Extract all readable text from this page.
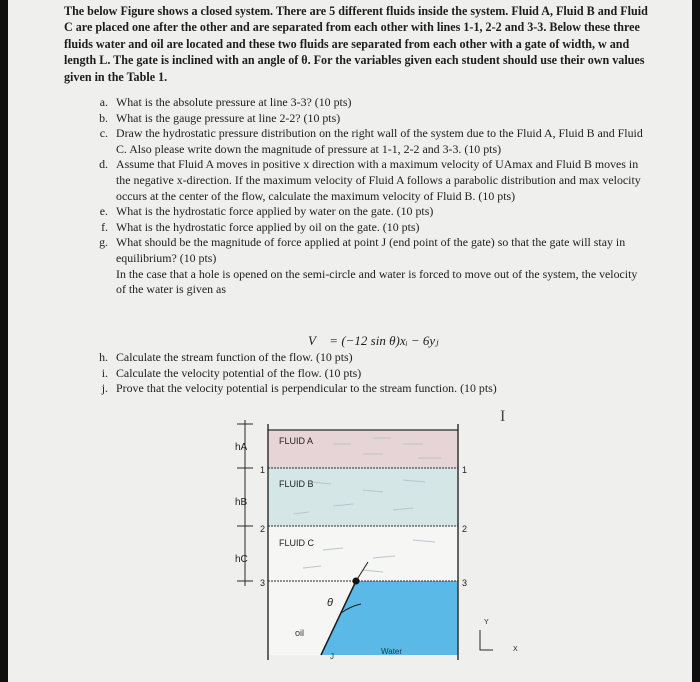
The below Figure shows a closed system. There are 5 different fluids inside the system. Fluid A, Fluid B and Fluid C are placed one after the other and are separated from each other with lines 1-1, 2-2 and 3-3. Below these three fluids water and oil are located and these two fluids are separated from each other with a gate of width, w and length L. The gate is inclined with an angle of θ. For the variables given each student should use their own values given in the Table 1.

a. What is the absolute pressure at line 3-3? (10 pts)
b. What is the gauge pressure at line 2-2? (10 pts)
c. Draw the hydrostatic pressure distribution on the right wall of the system due to the Fluid A, Fluid B and Fluid C. Also please write down the magnitude of pressure at 1-1, 2-2 and 3-3. (10 pts)
d. Assume that Fluid A moves in positive x direction with a maximum velocity of UAmax and Fluid B moves in the negative x-direction. If the maximum velocity of Fluid A follows a parabolic distribution and max velocity occurs at the center of the flow, calculate the maximum velocity of Fluid B. (10 pts)
e. What is the hydrostatic force applied by water on the gate. (10 pts)
f. What is the hydrostatic force applied by oil on the gate. (10 pts)
g. What should be the magnitude of force applied at point J (end point of the gate) so that the gate will stay in equilibrium? (10 pts)
In the case that a hole is opened on the semi-circle and water is forced to move out of the system, the velocity of the water is given as
V⃗ = (−12 sin θ)xᵢ − 6yⱼ
h. Calculate the stream function of the flow. (10 pts)
i. Calculate the velocity potential of the flow. (10 pts)
j. Prove that the velocity potential is perpendicular to the stream function. (10 pts)
I
hA
hB
hC
1	1
2	2
3	3
FLUID A
FLUID B
FLUID C
θ
oil
Water
J
Y
X
